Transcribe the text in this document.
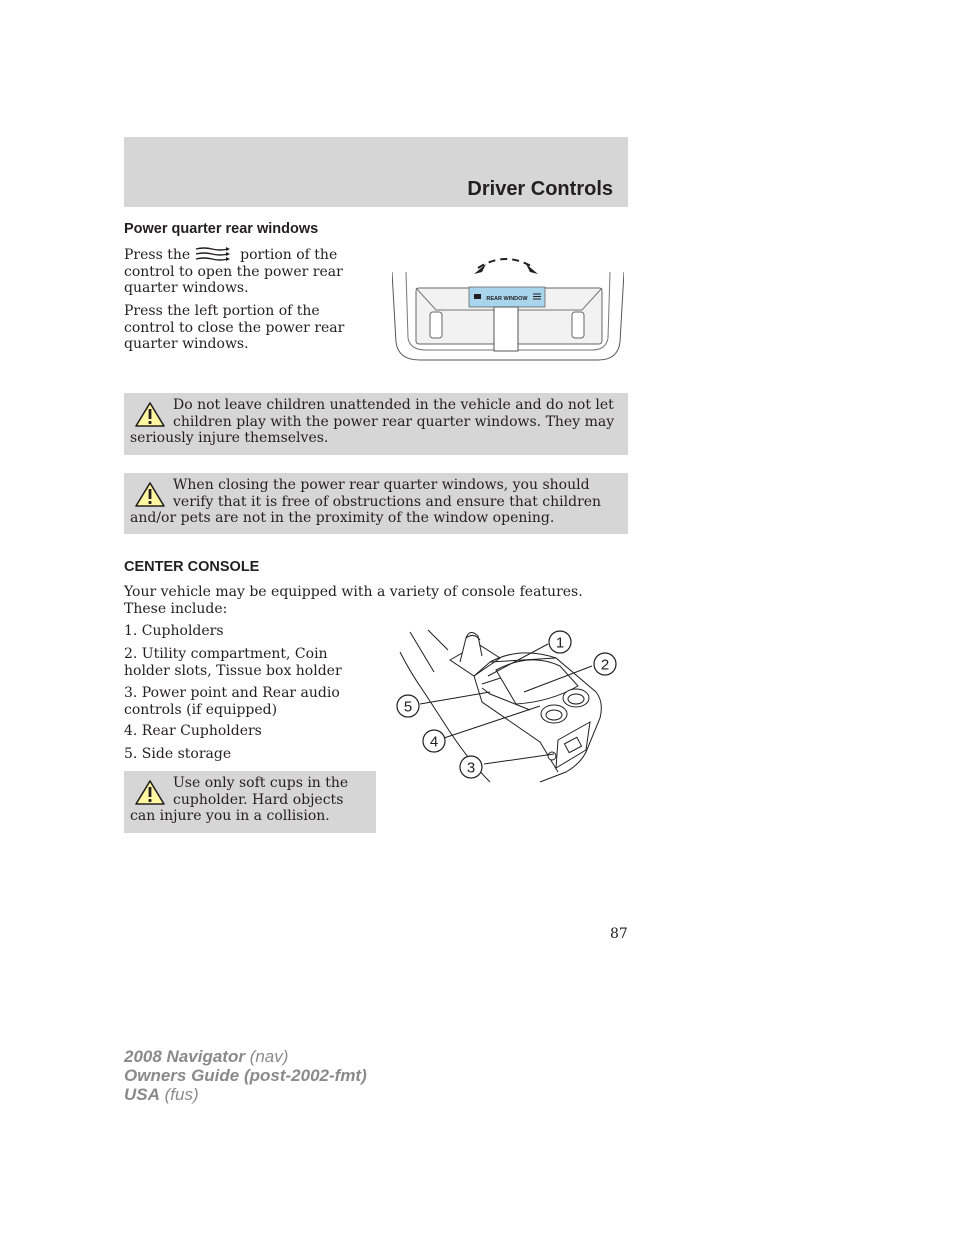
Driver Controls
Power quarter rear windows

Press the	portion of the control to open the power rear quarter windows.

Press the left portion of the control to close the power rear quarter windows.

REAR WINDOW
Do not leave children unattended in the vehicle and do not let children play with the power rear quarter windows. They may seriously injure themselves.
When closing the power rear quarter windows, you should verify that it is free of obstructions and ensure that children and/or pets are not in the proximity of the window opening.
CENTER CONSOLE

Your vehicle may be equipped with a variety of console features. These include:

1. Cupholders

2. Utility compartment, Coin holder slots, Tissue box holder

3. Power point and Rear audio controls (if equipped)

4. Rear Cupholders

5. Side storage

Use only soft cups in the cupholder. Hard objects can injure you in a collision.
1
2
5
4
3
87
2008 Navigator (nav)
Owners Guide (post-2002-fmt)
USA (fus)
